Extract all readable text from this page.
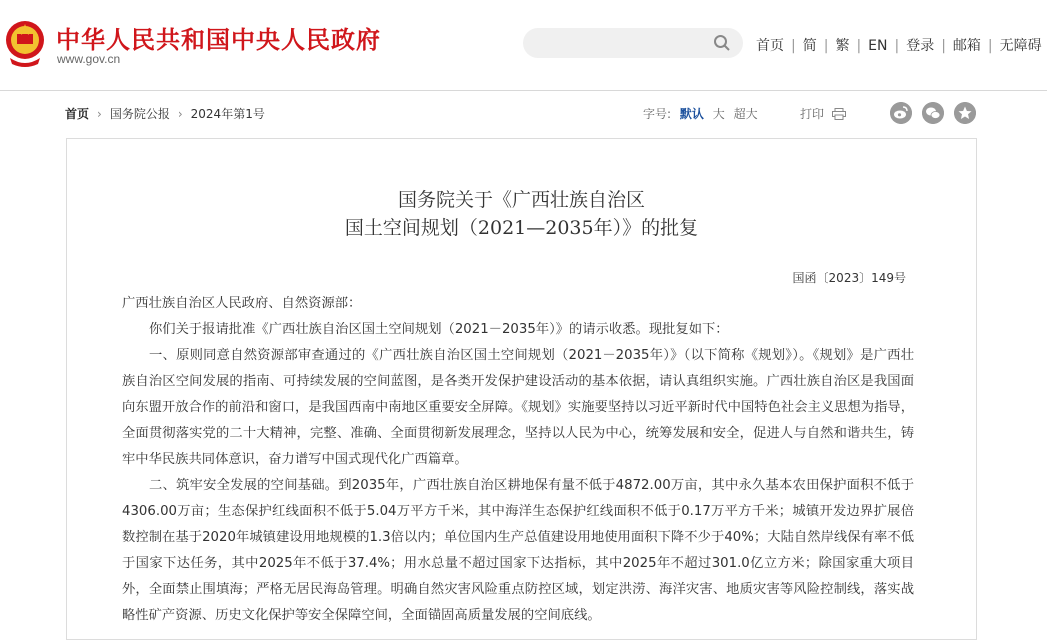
中华人民共和国中央人民政府
www.gov.cn
首页 | 简 | 繁 | EN | 登录 | 邮箱 | 无障碍
首页 › 国务院公报 › 2024年第1号	字号: 默认 大 超大	打印
国务院关于《广西壮族自治区
国土空间规划（2021—2035年）》的批复
国函〔2023〕149号

广西壮族自治区人民政府、自然资源部：

你们关于报请批准《广西壮族自治区国土空间规划（2021－2035年）》的请示收悉。现批复如下：

一、原则同意自然资源部审查通过的《广西壮族自治区国土空间规划（2021－2035年）》（以下简称《规划》）。《规划》是广西壮族自治区空间发展的指南、可持续发展的空间蓝图，是各类开发保护建设活动的基本依据，请认真组织实施。广西壮族自治区是我国面向东盟开放合作的前沿和窗口，是我国西南中南地区重要安全屏障。《规划》实施要坚持以习近平新时代中国特色社会主义思想为指导，全面贯彻落实党的二十大精神，完整、准确、全面贯彻新发展理念，坚持以人民为中心，统筹发展和安全，促进人与自然和谐共生，铸牢中华民族共同体意识，奋力谱写中国式现代化广西篇章。

二、筑牢安全发展的空间基础。到2035年，广西壮族自治区耕地保有量不低于4872.00万亩，其中永久基本农田保护面积不低于4306.00万亩；生态保护红线面积不低于5.04万平方千米，其中海洋生态保护红线面积不低于0.17万平方千米；城镇开发边界扩展倍数控制在基于2020年城镇建设用地规模的1.3倍以内；单位国内生产总值建设用地使用面积下降不少于40%；大陆自然岸线保有率不低于国家下达任务，其中2025年不低于37.4%；用水总量不超过国家下达指标，其中2025年不超过301.0亿立方米；除国家重大项目外，全面禁止围填海；严格无居民海岛管理。明确自然灾害风险重点防控区域，划定洪涝、海洋灾害、地质灾害等风险控制线，落实战略性矿产资源、历史文化保护等安全保障空间，全面锚固高质量发展的空间底线。
